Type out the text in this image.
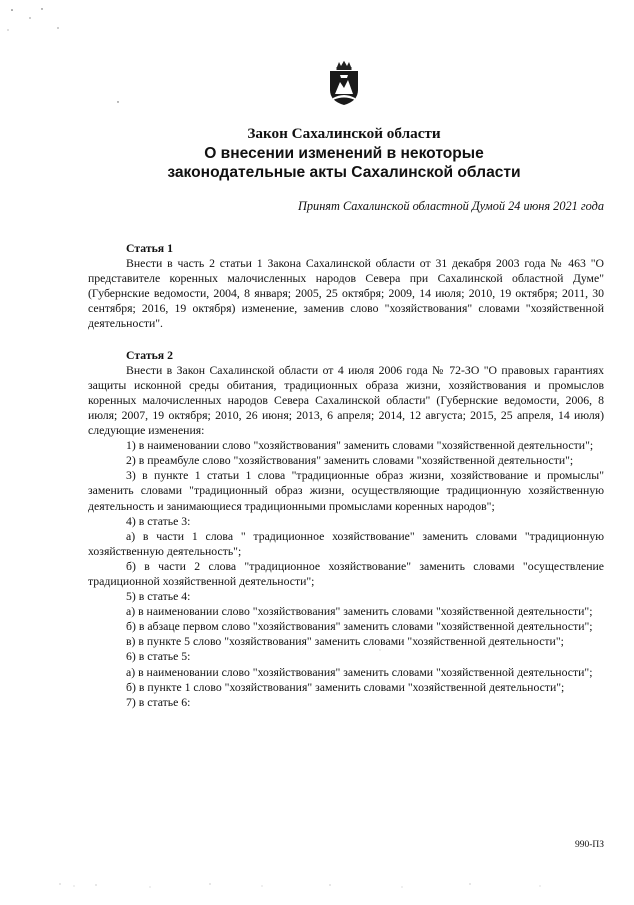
Закон Сахалинской области
О внесении изменений в некоторые
законодательные акты Сахалинской области
Принят Сахалинской областной Думой 24 июня 2021 года
Статья 1

Внести в часть 2 статьи 1 Закона Сахалинской области от 31 декабря 2003 года № 463 "О представителе коренных малочисленных народов Севера при Сахалинской областной Думе" (Губернские ведомости, 2004, 8 января; 2005, 25 октября; 2009, 14 июля; 2010, 19 октября; 2011, 30 сентября; 2016, 19 октября) изменение, заменив слово "хозяйствования" словами "хозяйственной деятельности".

Статья 2

Внести в Закон Сахалинской области от 4 июля 2006 года № 72-ЗО "О правовых гарантиях защиты исконной среды обитания, традиционных образа жизни, хозяйствования и промыслов коренных малочисленных народов Севера Сахалинской области" (Губернские ведомости, 2006, 8 июля; 2007, 19 октября; 2010, 26 июня; 2013, 6 апреля; 2014, 12 августа; 2015, 25 апреля, 14 июля) следующие изменения:

1) в наименовании слово "хозяйствования" заменить словами "хозяйственной деятельности";

2) в преамбуле слово "хозяйствования" заменить словами "хозяйственной деятельности";

3) в пункте 1 статьи 1 слова "традиционные образ жизни, хозяйствование и промыслы" заменить словами "традиционный образ жизни, осуществляющие традиционную хозяйственную деятельность и занимающиеся традиционными промыслами коренных народов";

4) в статье 3:

а) в части 1 слова " традиционное хозяйствование" заменить словами "традиционную хозяйственную деятельность";

б) в части 2 слова "традиционное хозяйствование" заменить словами "осуществление традиционной хозяйственной деятельности";

5) в статье 4:

а) в наименовании слово "хозяйствования" заменить словами "хозяйственной деятельности";

б) в абзаце первом слово "хозяйствования" заменить словами "хозяйственной деятельности";

в) в пункте 5 слово "хозяйствования" заменить словами "хозяйственной деятельности";

6) в статье 5:

а) в наименовании слово "хозяйствования" заменить словами "хозяйственной деятельности";

б) в пункте 1 слово "хозяйствования" заменить словами "хозяйственной деятельности";

7) в статье 6:

990-ПЗ
